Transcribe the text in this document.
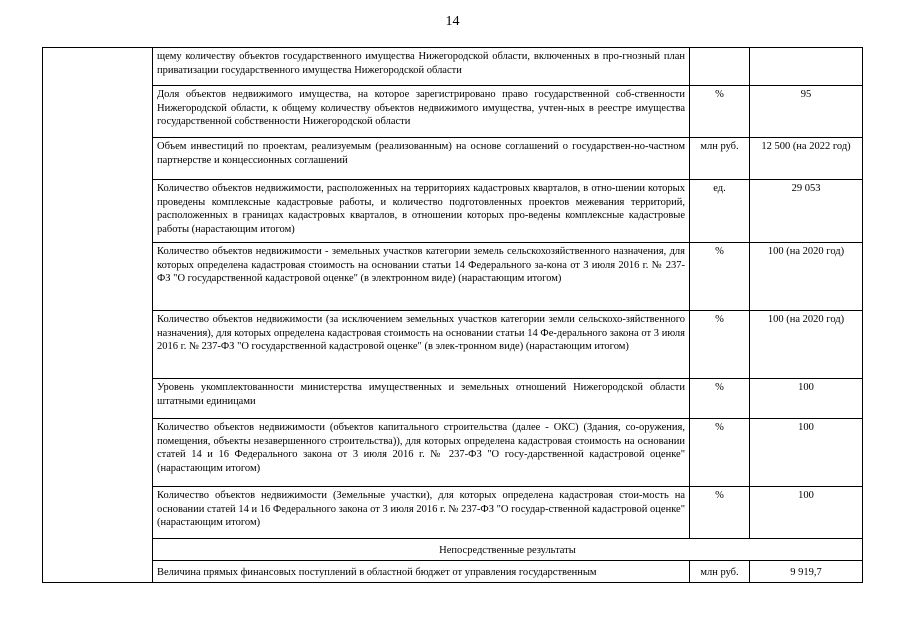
14
	щему количеству объектов государственного имущества Нижегородской области, включенных в про-гнозный план приватизации государственного имущества Нижегородской области		
	Доля объектов недвижимого имущества, на которое зарегистрировано право государственной соб-ственности Нижегородской области, к общему количеству объектов недвижимого имущества, учтен-ных в реестре имущества государственной собственности Нижегородской области	%	95
	Объем инвестиций по проектам, реализуемым (реализованным) на основе соглашений о государствен-но-частном партнерстве и концессионных соглашений	млн руб.	12 500 (на 2022 год)
	Количество объектов недвижимости, расположенных на территориях кадастровых кварталов, в отно-шении которых проведены комплексные кадастровые работы, и количество подготовленных проектов межевания территорий, расположенных в границах кадастровых кварталов, в отношении которых про-ведены комплексные кадастровые работы (нарастающим итогом)	ед.	29 053
	Количество объектов недвижимости - земельных участков категории земель сельскохозяйственного назначения, для которых определена кадастровая стоимость на основании статьи 14 Федерального за-кона от 3 июля 2016 г. № 237-ФЗ "О государственной кадастровой оценке" (в электронном виде) (нарастающим итогом)	%	100 (на 2020 год)
	Количество объектов недвижимости (за исключением земельных участков категории земли сельскохо-зяйственного назначения), для которых определена кадастровая стоимость на основании статьи 14 Фе-дерального закона от 3 июля 2016 г. № 237-ФЗ "О государственной кадастровой оценке" (в элек-тронном виде) (нарастающим итогом)	%	100 (на 2020 год)
	Уровень укомплектованности министерства имущественных и земельных отношений Нижегородской области штатными единицами	%	100
	Количество объектов недвижимости (объектов капитального строительства (далее - ОКС) (Здания, со-оружения, помещения, объекты незавершенного строительства)), для которых определена кадастровая стоимость на основании статей 14 и 16 Федерального закона от 3 июля 2016 г. № 237-ФЗ "О госу-дарственной кадастровой оценке" (нарастающим итогом)	%	100
	Количество объектов недвижимости (Земельные участки), для которых определена кадастровая стои-мость на основании статей 14 и 16 Федерального закона от 3 июля 2016 г. № 237-ФЗ "О государ-ственной кадастровой оценке" (нарастающим итогом)	%	100
	Непосредственные результаты		
	Величина прямых финансовых поступлений в областной бюджет от управления государственным	млн руб.	9 919,7
